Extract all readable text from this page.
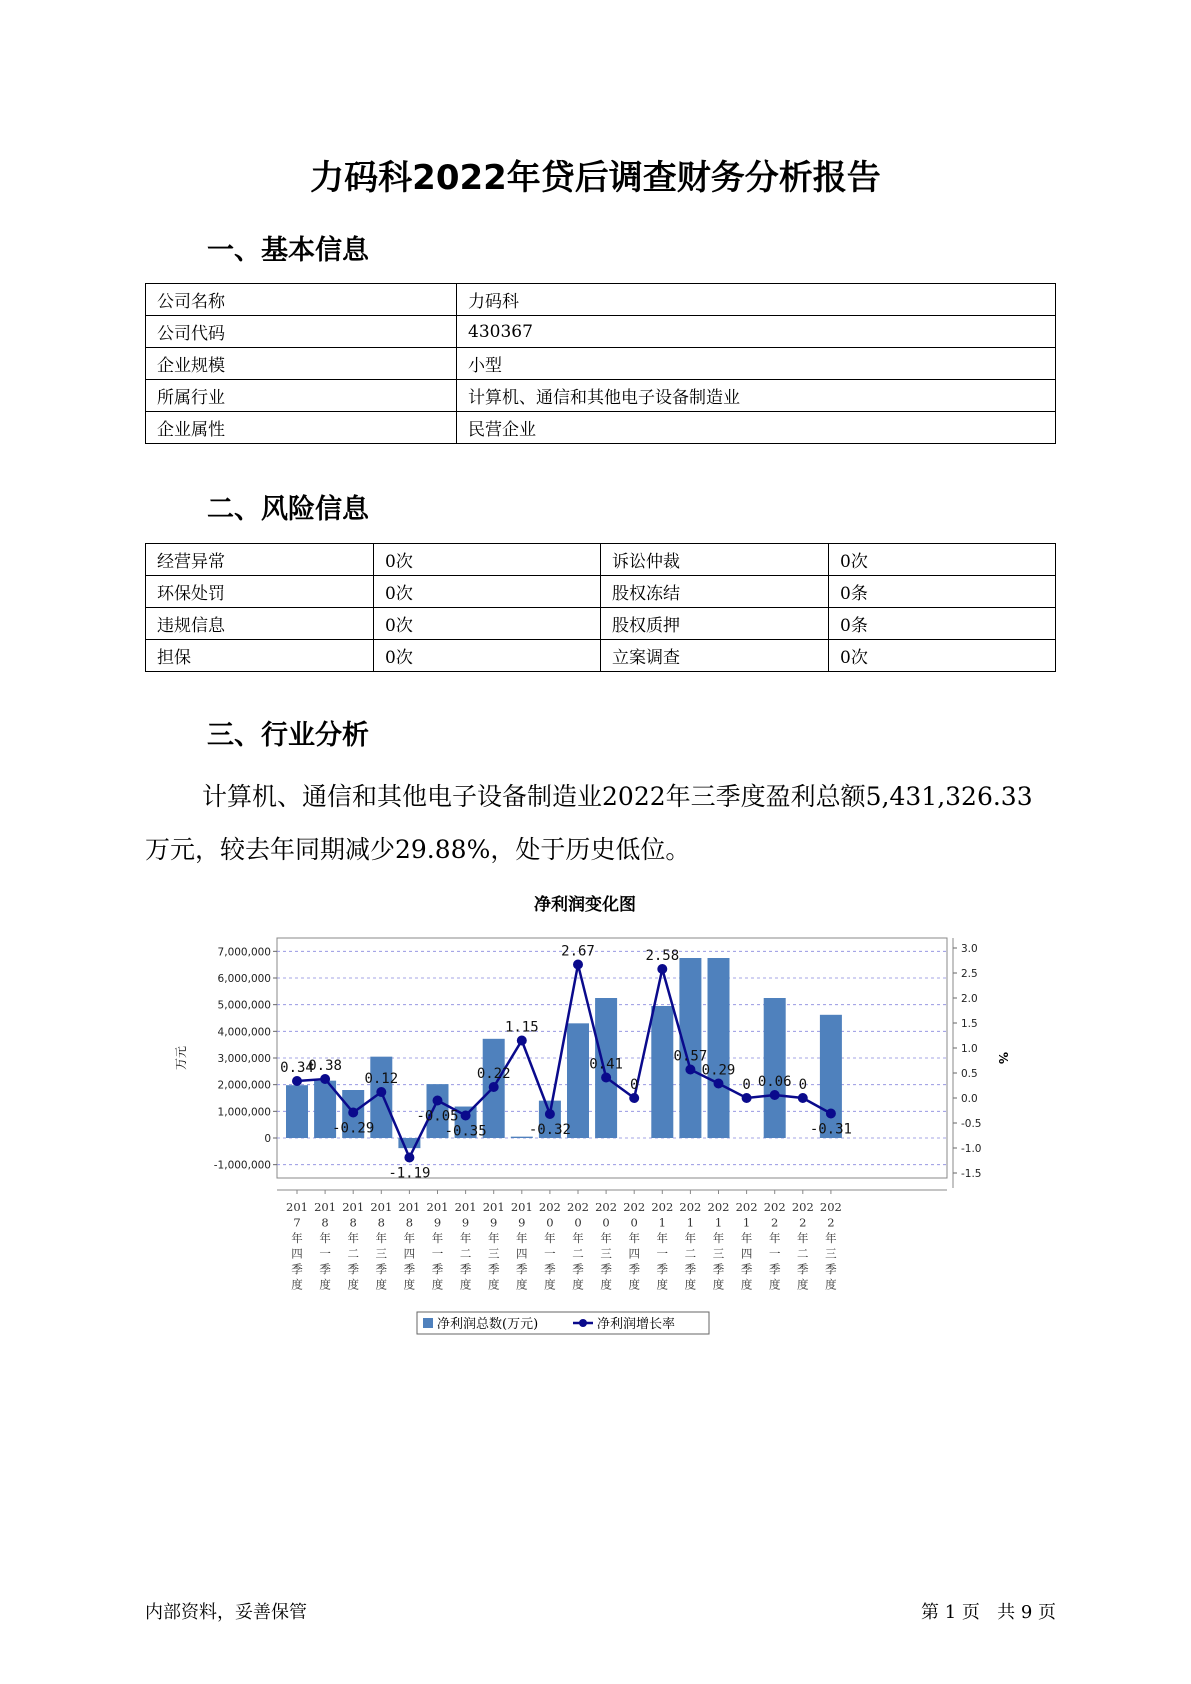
力码科2022年贷后调查财务分析报告
一、基本信息
公司名称	力码科
公司代码	430367
企业规模	小型
所属行业	计算机、通信和其他电子设备制造业
企业属性	民营企业
二、风险信息
经营异常	0次	诉讼仲裁	0次
环保处罚	0次	股权冻结	0条
违规信息	0次	股权质押	0条
担保	0次	立案调查	0次
三、行业分析
计算机、通信和其他电子设备制造业2022年三季度盈利总额5,431,326.33万元，较去年同期减少29.88%，处于历史低位。
净利润变化图
0.34
0.38
-0.29
0.12
-1.19
-0.05
-0.35
0.22
1.15
-0.32
2.67
0.41
0
2.58
0.57
0.29
0 0.06 0
-0.31
7,000,000
6,000,000
5,000,000
4,000,000
3,000,000
2,000,000
1,000,000
0
-1,000,000
3.0
2.5
2.0
1.5
1.0
0.5
0.0
-0.5
-1.0
-1.5
201 7 年四季度
201 8 年一季度
201 8 年二季度
201 8 年三季度
201 8 年四季度
201 9 年一季度
201 9 年二季度
201 9 年三季度
201 9 年四季度
202 0 年一季度
202 0 年二季度
202 0 年三季度
202 0 年四季度
202 1 年一季度
202 1 年二季度
202 1 年三季度
202 1 年四季度
202 2 年一季度
202 2 年二季度
202 2 年三季度
万元	%
净利润总数(万元)	净利润增长率
内部资料，妥善保管	第 1 页   共 9 页
